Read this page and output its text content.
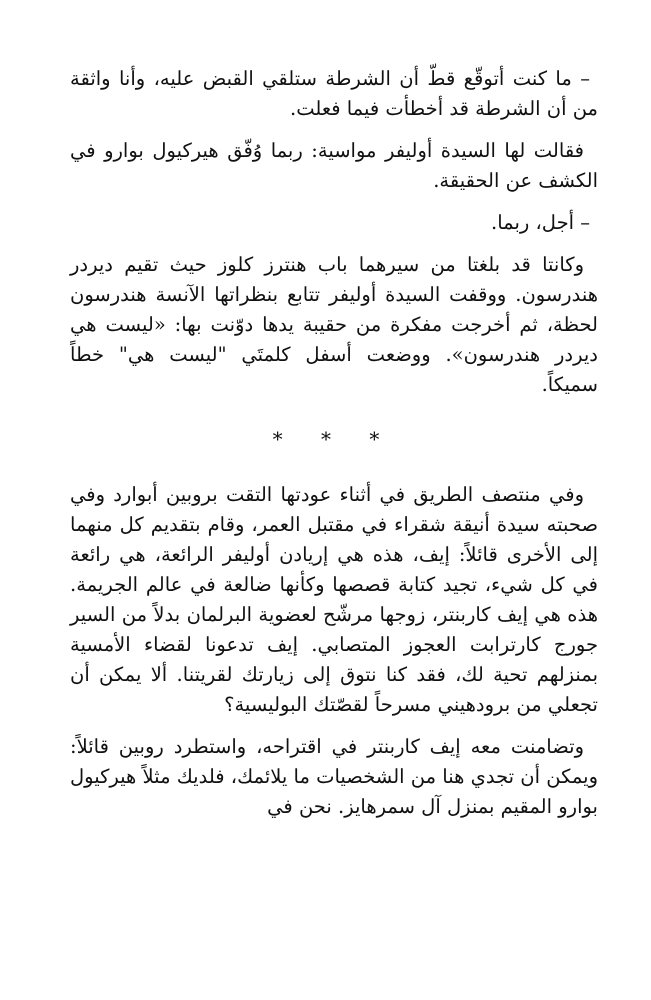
– ما كنت أتوقّع قطّ أن الشرطة ستلقي القبض عليه، وأنا واثقة من أن الشرطة قد أخطأت فيما فعلت.

فقالت لها السيدة أوليفر مواسية: ربما وُفّق هيركيول بوارو في الكشف عن الحقيقة.

– أجل، ربما.

وكانتا قد بلغتا من سيرهما باب هنترز كلوز حيث تقيم ديردر هندرسون. ووقفت السيدة أوليفر تتابع بنظراتها الآنسة هندرسون لحظة، ثم أخرجت مفكرة من حقيبة يدها دوّنت بها: «ليست هي ديردر هندرسون». ووضعت أسفل كلمتَي "ليست هي" خطاً سميكاً.

* * *

وفي منتصف الطريق في أثناء عودتها التقت بروبين أبوارد وفي صحبته سيدة أنيقة شقراء في مقتبل العمر، وقام بتقديم كل منهما إلى الأخرى قائلاً: إيف، هذه هي إريادن أوليفر الرائعة، هي رائعة في كل شيء، تجيد كتابة قصصها وكأنها ضالعة في عالم الجريمة. هذه هي إيف كاربنتر، زوجها مرشّح لعضوية البرلمان بدلاً من السير جورج كارترابت العجوز المتصابي. إيف تدعونا لقضاء الأمسية بمنزلهم تحية لك، فقد كنا نتوق إلى زيارتك لقريتنا. ألا يمكن أن تجعلي من برودهيني مسرحاً لقصّتك البوليسية؟

وتضامنت معه إيف كاربنتر في اقتراحه، واستطرد روبين قائلاً: ويمكن أن تجدي هنا من الشخصيات ما يلائمك، فلديك مثلاً هيركيول بوارو المقيم بمنزل آل سمرهايز. نحن في
